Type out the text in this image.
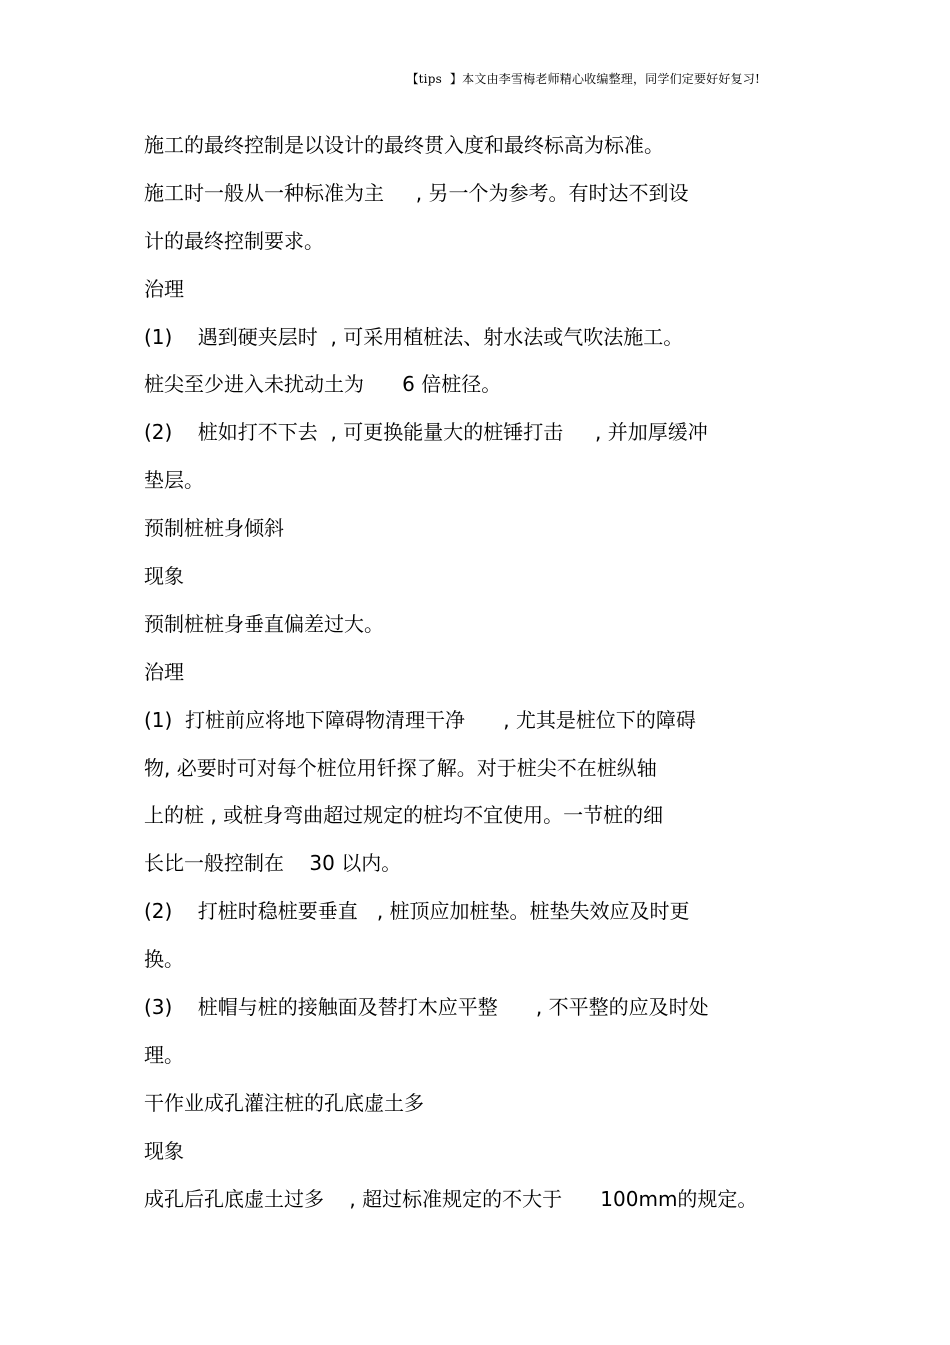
【tips  】本文由李雪梅老师精心收编整理，同学们定要好好复习!
施工的最终控制是以设计的最终贯入度和最终标高为标准。
施工时一般从一种标准为主     , 另一个为参考。有时达不到设
计的最终控制要求。
治理
(1)    遇到硬夹层时  , 可采用植桩法、射水法或气吹法施工。
桩尖至少进入未扰动土为      6 倍桩径。
(2)    桩如打不下去  , 可更换能量大的桩锤打击     , 并加厚缓冲
垫层。
预制桩桩身倾斜
现象
预制桩桩身垂直偏差过大。
治理
(1)  打桩前应将地下障碍物清理干净      , 尤其是桩位下的障碍
物, 必要时可对每个桩位用钎探了解。对于桩尖不在桩纵轴
上的桩 , 或桩身弯曲超过规定的桩均不宜使用。一节桩的细
长比一般控制在    30 以内。
(2)    打桩时稳桩要垂直   , 桩顶应加桩垫。桩垫失效应及时更
换。
(3)    桩帽与桩的接触面及替打木应平整      , 不平整的应及时处
理。
干作业成孔灌注桩的孔底虚土多
现象
成孔后孔底虚土过多    , 超过标准规定的不大于      100mm的规定。
